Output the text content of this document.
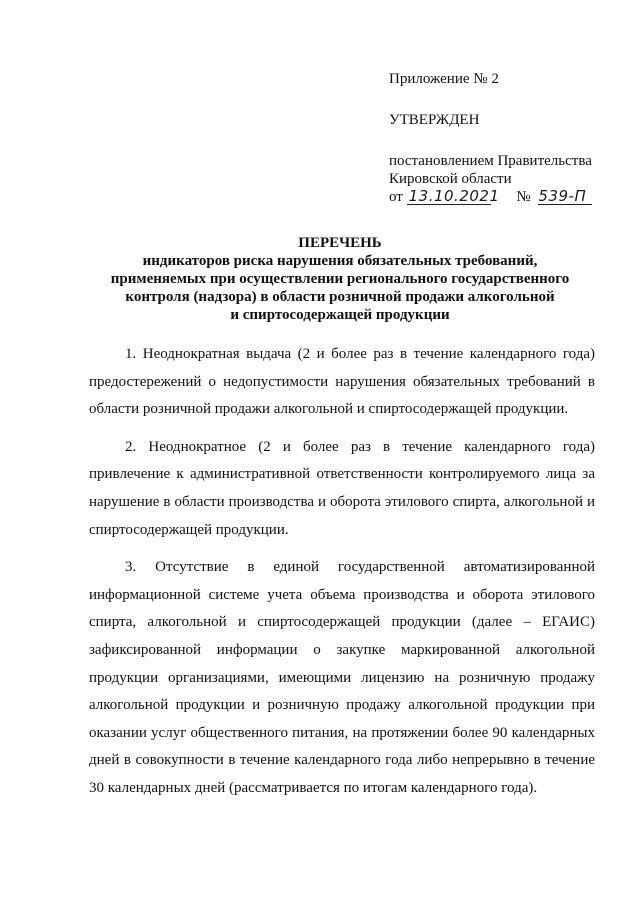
Приложение № 2

УТВЕРЖДЕН

постановлением Правительства
Кировской области
от 13.10.2021 № 539-П

ПЕРЕЧЕНЬ
индикаторов риска нарушения обязательных требований,
применяемых при осуществлении регионального государственного
контроля (надзора) в области розничной продажи алкогольной
и спиртосодержащей продукции

1. Неоднократная выдача (2 и более раз в течение календарного года) предостережений о недопустимости нарушения обязательных требований в области розничной продажи алкогольной и спиртосодержащей продукции.

2. Неоднократное (2 и более раз в течение календарного года) привлечение к административной ответственности контролируемого лица за нарушение в области производства и оборота этилового спирта, алкогольной и спиртосодержащей продукции.

3. Отсутствие в единой государственной автоматизированной информационной системе учета объема производства и оборота этилового спирта, алкогольной и спиртосодержащей продукции (далее – ЕГАИС) зафиксированной информации о закупке маркированной алкогольной продукции организациями, имеющими лицензию на розничную продажу алкогольной продукции и розничную продажу алкогольной продукции при оказании услуг общественного питания, на протяжении более 90 календарных дней в совокупности в течение календарного года либо непрерывно в течение 30 календарных дней (рассматривается по итогам календарного года).
